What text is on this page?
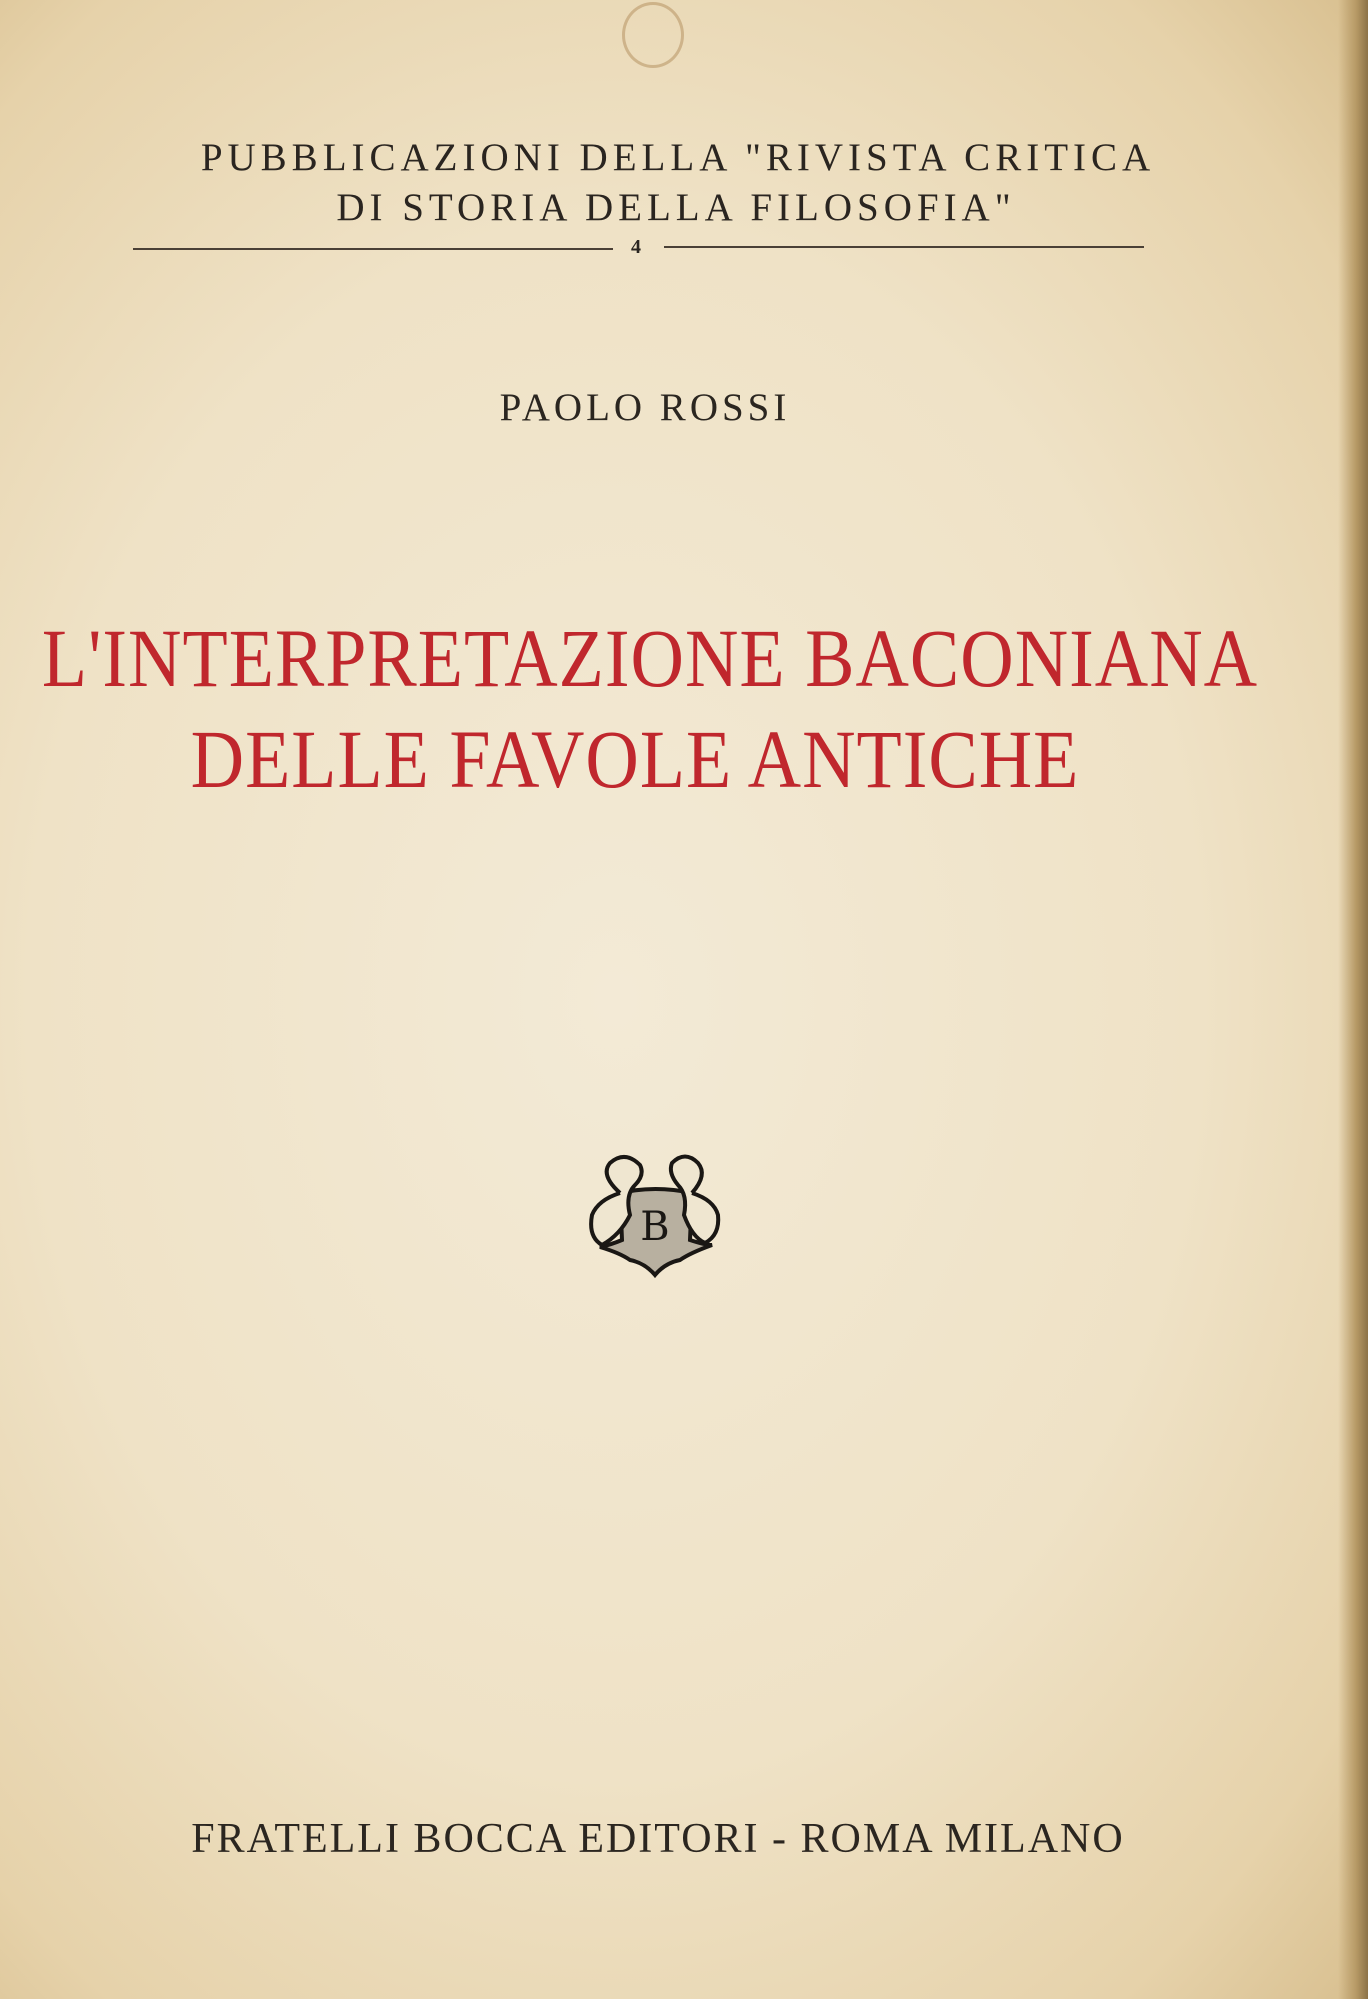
PUBBLICAZIONI DELLA "RIVISTA CRITICA
DI STORIA DELLA FILOSOFIA"
4
PAOLO ROSSI
L'INTERPRETAZIONE BACONIANA
DELLE FAVOLE ANTICHE
B
FRATELLI BOCCA EDITORI - ROMA MILANO
